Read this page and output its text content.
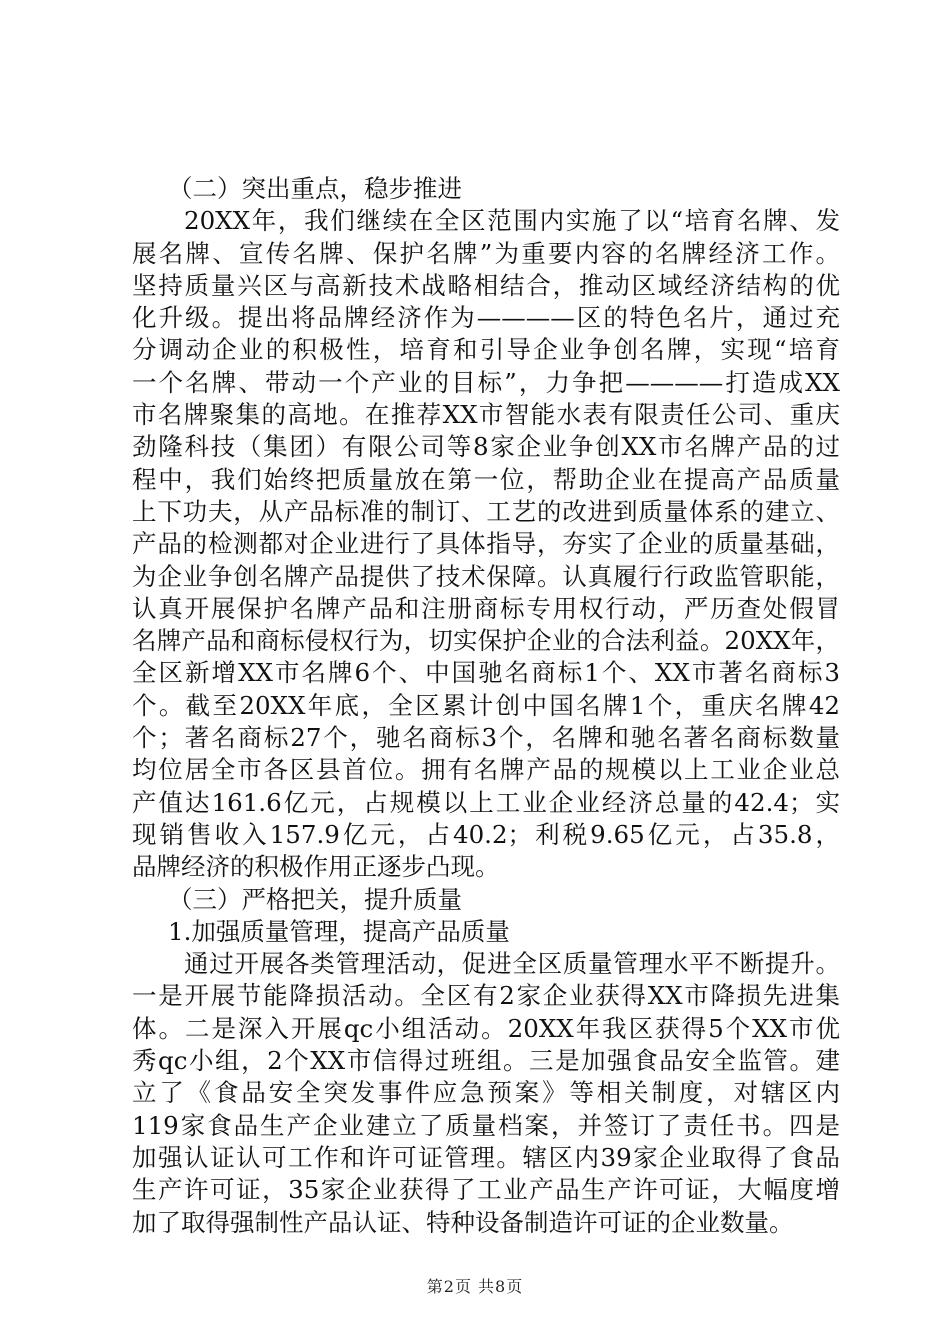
（二）突出重点，稳步推进
20XX年，我们继续在全区范围内实施了以“培育名牌、发
展名牌、宣传名牌、保护名牌”为重要内容的名牌经济工作。
坚持质量兴区与高新技术战略相结合，推动区域经济结构的优
化升级。提出将品牌经济作为————区的特色名片，通过充
分调动企业的积极性，培育和引导企业争创名牌，实现“培育
一个名牌、带动一个产业的目标”，力争把————打造成XX
市名牌聚集的高地。在推荐XX市智能水表有限责任公司、重庆
劲隆科技（集团）有限公司等8家企业争创XX市名牌产品的过
程中，我们始终把质量放在第一位，帮助企业在提高产品质量
上下功夫，从产品标准的制订、工艺的改进到质量体系的建立、
产品的检测都对企业进行了具体指导，夯实了企业的质量基础，
为企业争创名牌产品提供了技术保障。认真履行行政监管职能，
认真开展保护名牌产品和注册商标专用权行动，严历查处假冒
名牌产品和商标侵权行为，切实保护企业的合法利益。20XX年，
全区新增XX市名牌6个、中国驰名商标1个、XX市著名商标3
个。截至20XX年底，全区累计创中国名牌1个，重庆名牌42
个；著名商标27个，驰名商标3个，名牌和驰名著名商标数量
均位居全市各区县首位。拥有名牌产品的规模以上工业企业总
产值达161.6亿元，占规模以上工业企业经济总量的42.4；实
现销售收入157.9亿元，占40.2；利税9.65亿元，占35.8，
品牌经济的积极作用正逐步凸现。
（三）严格把关，提升质量
1.加强质量管理，提高产品质量
通过开展各类管理活动，促进全区质量管理水平不断提升。
一是开展节能降损活动。全区有2家企业获得XX市降损先进集
体。二是深入开展qc小组活动。20XX年我区获得5个XX市优
秀qc小组，2个XX市信得过班组。三是加强食品安全监管。建
立了《食品安全突发事件应急预案》等相关制度，对辖区内
119家食品生产企业建立了质量档案，并签订了责任书。四是
加强认证认可工作和许可证管理。辖区内39家企业取得了食品
生产许可证，35家企业获得了工业产品生产许可证，大幅度增
加了取得强制性产品认证、特种设备制造许可证的企业数量。
第2页 共8页
